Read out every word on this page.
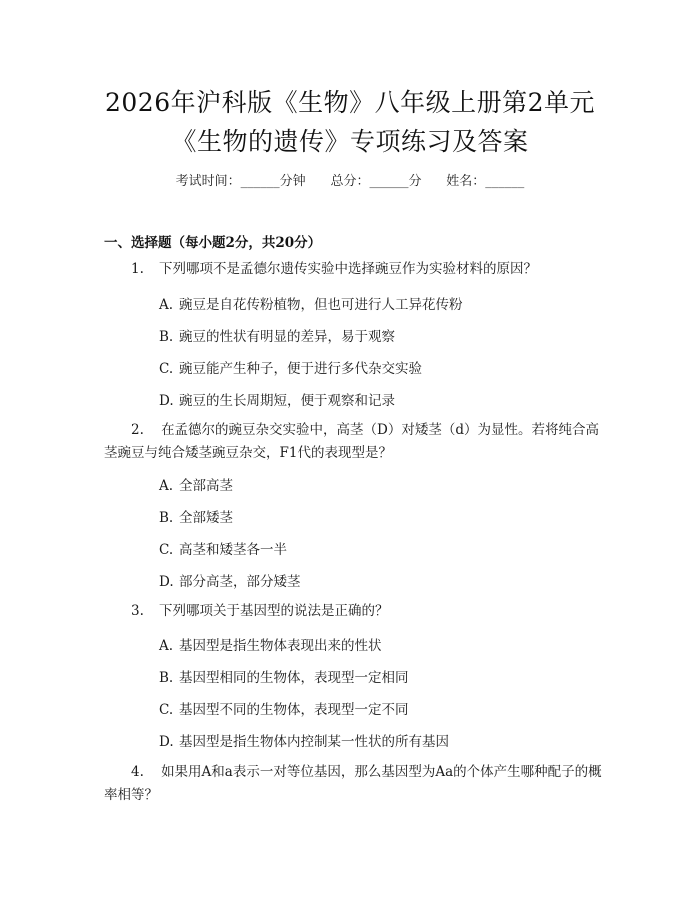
2026年沪科版《生物》八年级上册第2单元
《生物的遗传》专项练习及答案
考试时间：______分钟 总分：______分 姓名：______
一、选择题（每小题2分，共20分）
1. 下列哪项不是孟德尔遗传实验中选择豌豆作为实验材料的原因？
A. 豌豆是自花传粉植物，但也可进行人工异花传粉
B. 豌豆的性状有明显的差异，易于观察
C. 豌豆能产生种子，便于进行多代杂交实验
D. 豌豆的生长周期短，便于观察和记录
2. 在孟德尔的豌豆杂交实验中，高茎（D）对矮茎（d）为显性。若将纯合高茎豌豆与纯合矮茎豌豆杂交，F1代的表现型是？
A. 全部高茎
B. 全部矮茎
C. 高茎和矮茎各一半
D. 部分高茎，部分矮茎
3. 下列哪项关于基因型的说法是正确的？
A. 基因型是指生物体表现出来的性状
B. 基因型相同的生物体，表现型一定相同
C. 基因型不同的生物体，表现型一定不同
D. 基因型是指生物体内控制某一性状的所有基因
4. 如果用A和a表示一对等位基因，那么基因型为Aa的个体产生哪种配子的概率相等？
